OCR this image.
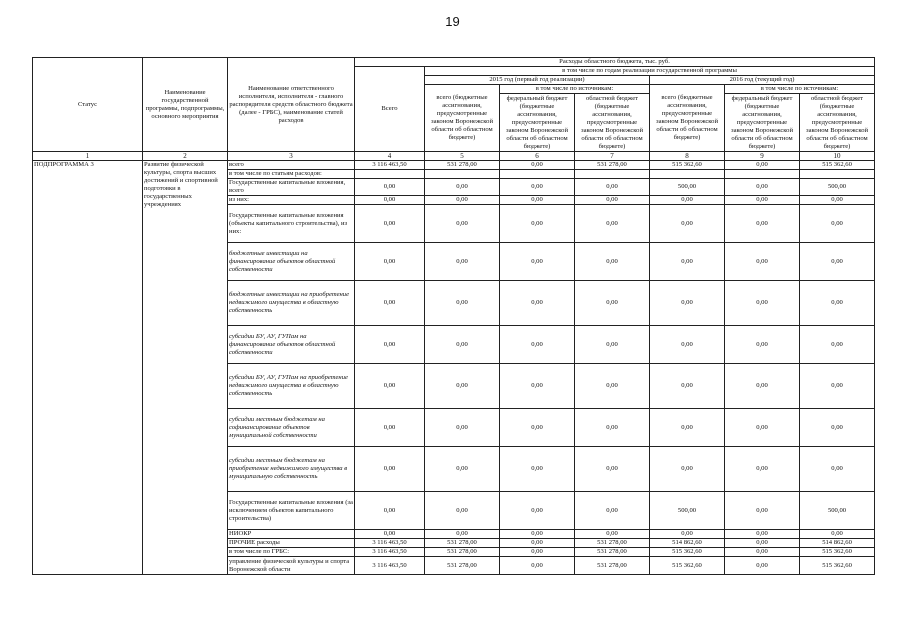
19
Статус	Наименование государственной программы, подпрограммы, основного мероприятия	Наименование ответственного исполнителя, исполнителя - главного распорядителя средств областного бюджета (далее - ГРБС), наименование статей расходов	Расходы областного бюджета, тыс. руб.						
			Всего	в том числе по годам реализации государственной программы					
				2015 год (первый год реализации)			2016 год (текущий год)		
				всего (бюджетные ассигнования, предусмотренные законом Воронежской области об областном бюджете)	в том числе по источникам:		всего (бюджетные ассигнования, предусмотренные законом Воронежской области об областном бюджете)	в том числе по источникам:	
					федеральный бюджет (бюджетные ассигнования, предусмотренные законом Воронежской области об областном бюджете)	областной бюджет (бюджетные ассигнования, предусмотренные законом Воронежской области об областном бюджете)		федеральный бюджет (бюджетные ассигнования, предусмотренные законом Воронежской области об областном бюджете)	областной бюджет (бюджетные ассигнования, предусмотренные законом Воронежской области об областном бюджете)
1	2	3	4	5	6	7	8	9	10
ПОДПРОГРАММА 3	Развитие физической культуры, спорта высших достижений и спортивной подготовки в государственных учреждениях	всего	3 116 463,50	531 278,00	0,00	531 278,00	515 362,60	0,00	515 362,60
		в том числе по статьям расходов:							
		Государственные капитальные вложения, всего	0,00	0,00	0,00	0,00	500,00	0,00	500,00
		из них:	0,00	0,00	0,00	0,00	0,00	0,00	0,00
		Государственные капитальные вложения (объекты капитального строительства), из них:	0,00	0,00	0,00	0,00	0,00	0,00	0,00
		бюджетные инвестиции на финансирование объектов областной собственности	0,00	0,00	0,00	0,00	0,00	0,00	0,00
		бюджетные инвестиции на приобретение недвижимого имущества в областную собственность	0,00	0,00	0,00	0,00	0,00	0,00	0,00
		субсидии БУ, АУ, ГУПам на финансирование объектов областной собственности	0,00	0,00	0,00	0,00	0,00	0,00	0,00
		субсидии БУ, АУ, ГУПам на приобретение недвижимого имущества в областную собственность	0,00	0,00	0,00	0,00	0,00	0,00	0,00
		субсидии местным бюджетам на софинансирование объектов муниципальной собственности	0,00	0,00	0,00	0,00	0,00	0,00	0,00
		субсидии местным бюджетам на приобретение недвижимого имущества в муниципальную собственность	0,00	0,00	0,00	0,00	0,00	0,00	0,00
		Государственные капитальные вложения (за исключением объектов капитального строительства)	0,00	0,00	0,00	0,00	500,00	0,00	500,00
		НИОКР	0,00	0,00	0,00	0,00	0,00	0,00	0,00
		ПРОЧИЕ расходы	3 116 463,50	531 278,00	0,00	531 278,00	514 862,60	0,00	514 862,60
		в том числе по ГРБС:	3 116 463,50	531 278,00	0,00	531 278,00	515 362,60	0,00	515 362,60
		управление физической культуры и спорта Воронежской области	3 116 463,50	531 278,00	0,00	531 278,00	515 362,60	0,00	515 362,60
